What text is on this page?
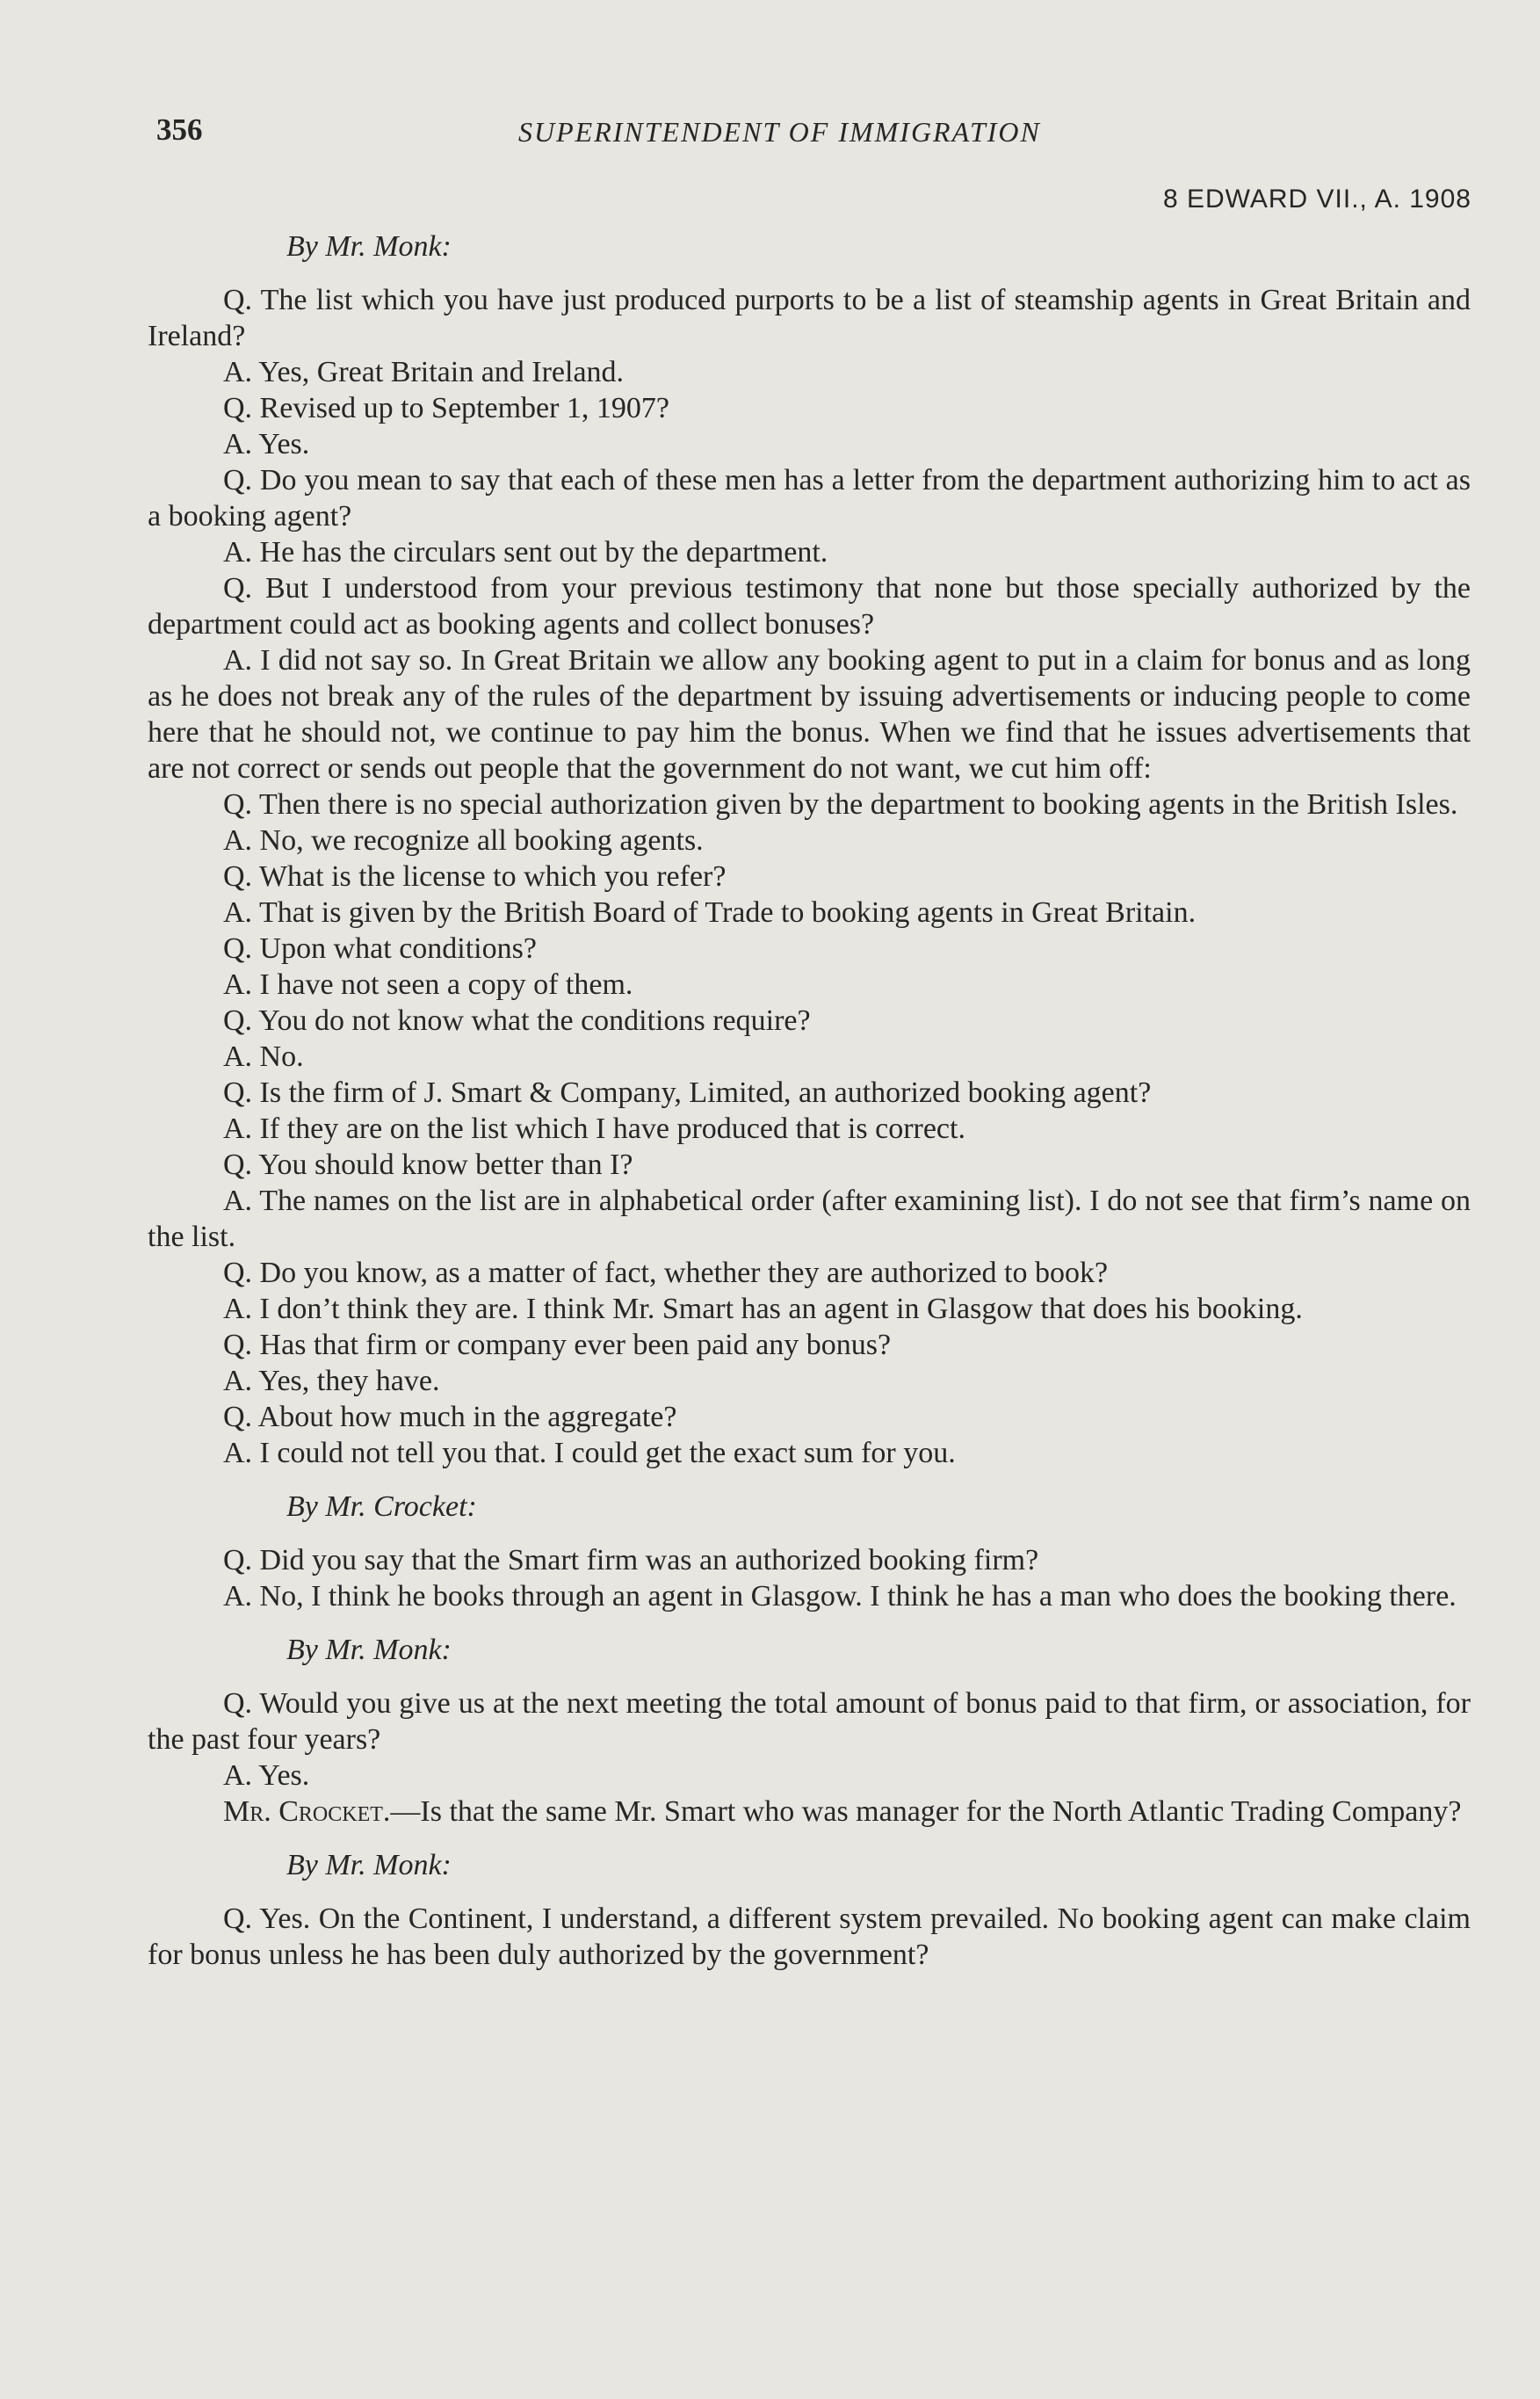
356	SUPERINTENDENT OF IMMIGRATION
8 EDWARD VII., A. 1908
By Mr. Monk:

Q. The list which you have just produced purports to be a list of steamship agents in Great Britain and Ireland?

A. Yes, Great Britain and Ireland.

Q. Revised up to September 1, 1907?

A. Yes.

Q. Do you mean to say that each of these men has a letter from the department authorizing him to act as a booking agent?

A. He has the circulars sent out by the department.

Q. But I understood from your previous testimony that none but those specially authorized by the department could act as booking agents and collect bonuses?

A. I did not say so. In Great Britain we allow any booking agent to put in a claim for bonus and as long as he does not break any of the rules of the department by issuing advertisements or inducing people to come here that he should not, we continue to pay him the bonus. When we find that he issues advertisements that are not correct or sends out people that the government do not want, we cut him off:

Q. Then there is no special authorization given by the department to booking agents in the British Isles.

A. No, we recognize all booking agents.

Q. What is the license to which you refer?

A. That is given by the British Board of Trade to booking agents in Great Britain.

Q. Upon what conditions?

A. I have not seen a copy of them.

Q. You do not know what the conditions require?

A. No.

Q. Is the firm of J. Smart & Company, Limited, an authorized booking agent?

A. If they are on the list which I have produced that is correct.

Q. You should know better than I?

A. The names on the list are in alphabetical order (after examining list). I do not see that firm’s name on the list.

Q. Do you know, as a matter of fact, whether they are authorized to book?

A. I don’t think they are. I think Mr. Smart has an agent in Glasgow that does his booking.

Q. Has that firm or company ever been paid any bonus?

A. Yes, they have.

Q. About how much in the aggregate?

A. I could not tell you that. I could get the exact sum for you.

By Mr. Crocket:

Q. Did you say that the Smart firm was an authorized booking firm?

A. No, I think he books through an agent in Glasgow. I think he has a man who does the booking there.

By Mr. Monk:

Q. Would you give us at the next meeting the total amount of bonus paid to that firm, or association, for the past four years?

A. Yes.

Mr. Crocket.—Is that the same Mr. Smart who was manager for the North Atlantic Trading Company?

By Mr. Monk:

Q. Yes. On the Continent, I understand, a different system prevailed. No booking agent can make claim for bonus unless he has been duly authorized by the government?
